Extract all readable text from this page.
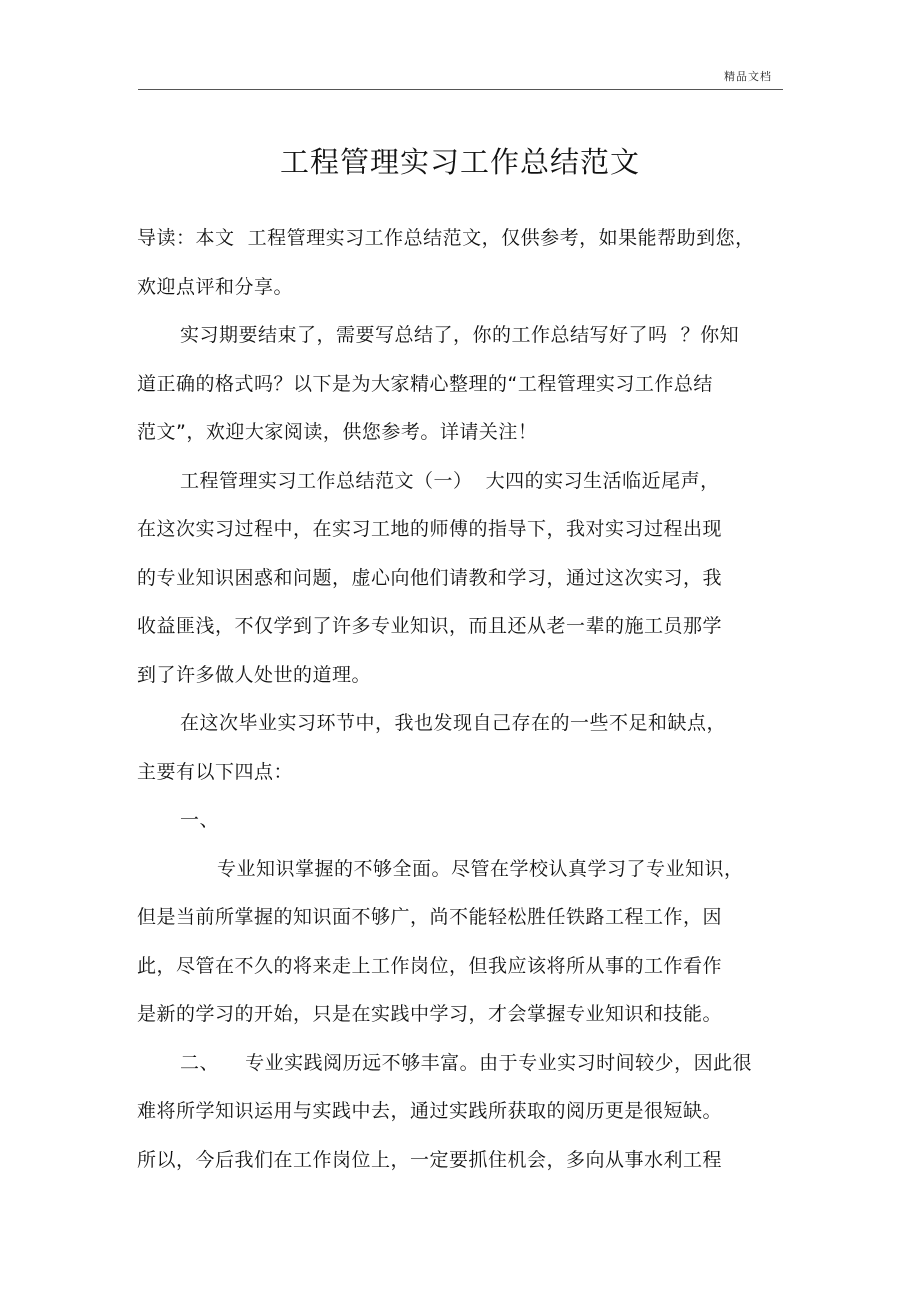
精品文档
工程管理实习工作总结范文

导读：本文  工程管理实习工作总结范文，仅供参考，如果能帮助到您，

欢迎点评和分享。

实习期要结束了，需要写总结了，你的工作总结写好了吗  ？你知

道正确的格式吗？以下是为大家精心整理的“工程管理实习工作总结

范文”，欢迎大家阅读，供您参考。详请关注！

工程管理实习工作总结范文（一）  大四的实习生活临近尾声，

在这次实习过程中，在实习工地的师傅的指导下，我对实习过程出现

的专业知识困惑和问题，虚心向他们请教和学习，通过这次实习，我

收益匪浅，不仅学到了许多专业知识，而且还从老一辈的施工员那学

到了许多做人处世的道理。

在这次毕业实习环节中，我也发现自己存在的一些不足和缺点，

主要有以下四点：

一、

专业知识掌握的不够全面。尽管在学校认真学习了专业知识，

但是当前所掌握的知识面不够广，尚不能轻松胜任铁路工程工作，因

此，尽管在不久的将来走上工作岗位，但我应该将所从事的工作看作

是新的学习的开始，只是在实践中学习，才会掌握专业知识和技能。

二、    专业实践阅历远不够丰富。由于专业实习时间较少，因此很

难将所学知识运用与实践中去，通过实践所获取的阅历更是很短缺。

所以，今后我们在工作岗位上，一定要抓住机会，多向从事水利工程
